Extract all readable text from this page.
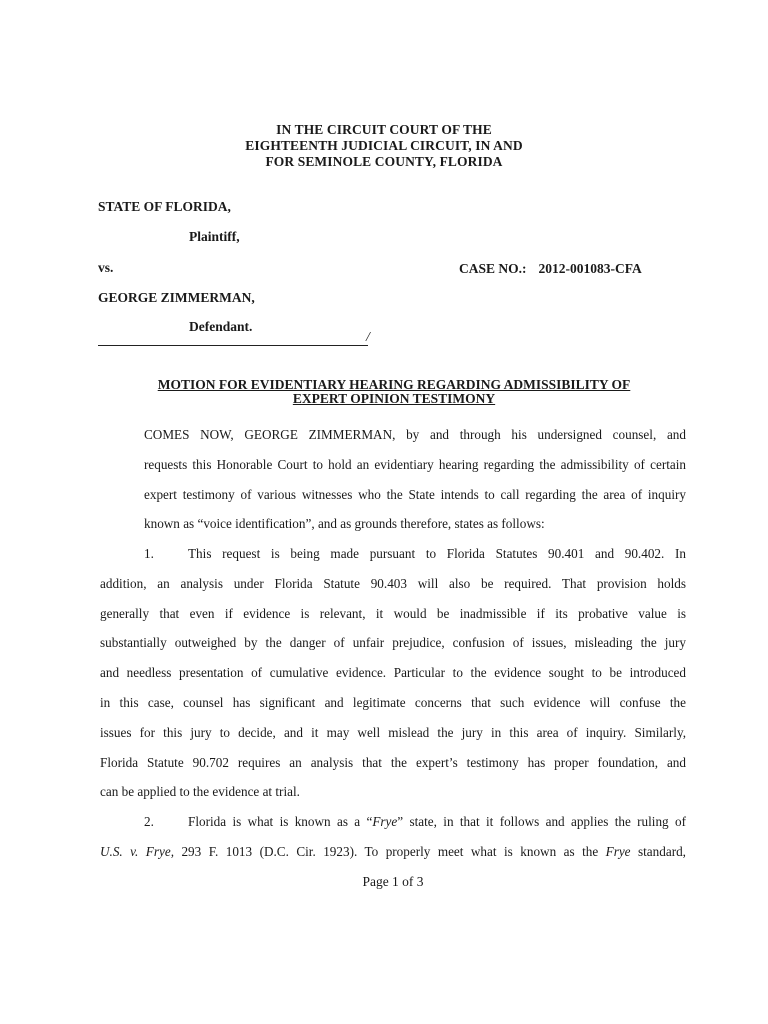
IN THE CIRCUIT COURT OF THE
EIGHTEENTH JUDICIAL CIRCUIT, IN AND
FOR SEMINOLE COUNTY, FLORIDA
STATE OF FLORIDA,
Plaintiff,
vs.	CASE NO.: 2012-001083-CFA
GEORGE ZIMMERMAN,
Defendant.
/
MOTION FOR EVIDENTIARY HEARING REGARDING ADMISSIBILITY OF
EXPERT OPINION TESTIMONY
COMES NOW, GEORGE ZIMMERMAN, by and through his undersigned counsel, and
requests this Honorable Court to hold an evidentiary hearing regarding the admissibility of certain
expert testimony of various witnesses who the State intends to call regarding the area of inquiry
known as “voice identification”, and as grounds therefore, states as follows:
1.	This request is being made pursuant to Florida Statutes 90.401 and 90.402. In
addition, an analysis under Florida Statute 90.403 will also be required. That provision holds
generally that even if evidence is relevant, it would be inadmissible if its probative value is
substantially outweighed by the danger of unfair prejudice, confusion of issues, misleading the jury
and needless presentation of cumulative evidence. Particular to the evidence sought to be introduced
in this case, counsel has significant and legitimate concerns that such evidence will confuse the
issues for this jury to decide, and it may well mislead the jury in this area of inquiry. Similarly,
Florida Statute 90.702 requires an analysis that the expert’s testimony has proper foundation, and
can be applied to the evidence at trial.
2.	Florida is what is known as a “Frye” state, in that it follows and applies the ruling of
U.S. v. Frye, 293 F. 1013 (D.C. Cir. 1923). To properly meet what is known as the Frye standard,
Page 1 of 3
